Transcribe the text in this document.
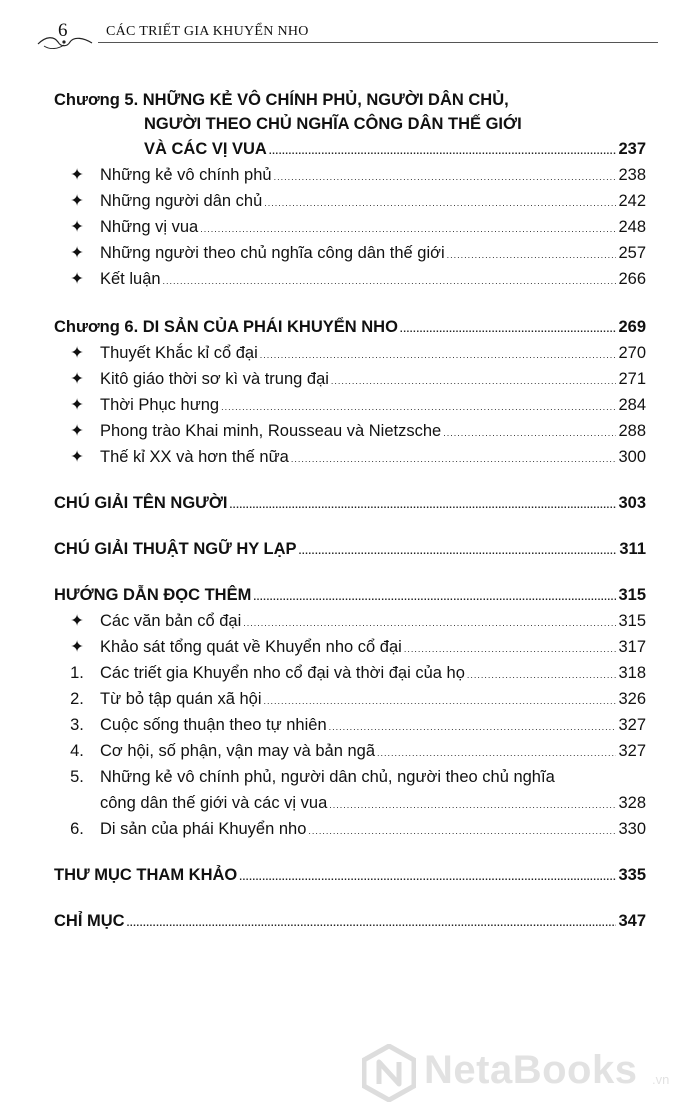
6	CÁC TRIẾT GIA KHUYỂN NHO
Chương 5. NHỮNG KẺ VÔ CHÍNH PHỦ, NGƯỜI DÂN CHỦ,
NGƯỜI THEO CHỦ NGHĨA CÔNG DÂN THẾ GIỚI
VÀ CÁC VỊ VUA .....	237
✦ Những kẻ vô chính phủ .....	238
✦ Những người dân chủ .....	242
✦ Những vị vua .....	248
✦ Những người theo chủ nghĩa công dân thế giới .....	257
✦ Kết luận .....	266
Chương 6. DI SẢN CỦA PHÁI KHUYỂN NHO .....	269
✦ Thuyết Khắc kỉ cổ đại .....	270
✦ Kitô giáo thời sơ kì và trung đại .....	271
✦ Thời Phục hưng .....	284
✦ Phong trào Khai minh, Rousseau và Nietzsche .....	288
✦ Thế kỉ XX và hơn thế nữa .....	300
CHÚ GIẢI TÊN NGƯỜI .....	303
CHÚ GIẢI THUẬT NGỮ HY LẠP .....	311
HƯỚNG DẪN ĐỌC THÊM .....	315
✦ Các văn bản cổ đại .....	315
✦ Khảo sát tổng quát về Khuyển nho cổ đại .....	317
1. Các triết gia Khuyển nho cổ đại và thời đại của họ .....	318
2. Từ bỏ tập quán xã hội .....	326
3. Cuộc sống thuận theo tự nhiên .....	327
4. Cơ hội, số phận, vận may và bản ngã .....	327
5. Những kẻ vô chính phủ, người dân chủ, người theo chủ nghĩa
công dân thế giới và các vị vua .....	328
6. Di sản của phái Khuyển nho .....	330
THƯ MỤC THAM KHẢO .....	335
CHỈ MỤC .....	347
NetaBooks .vn
